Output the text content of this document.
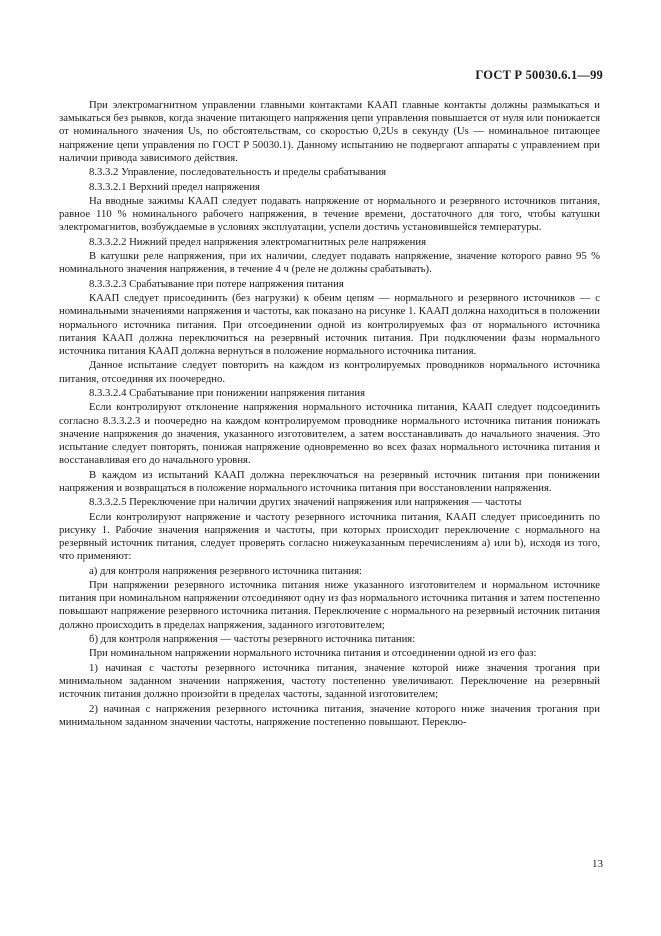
ГОСТ Р 50030.6.1—99

При электромагнитном управлении главными контактами КААП главные контакты должны размыкаться и замыкаться без рывков, когда значение питающего напряжения цепи управления повышается от нуля или понижается от номинального значения Us, по обстоятельствам, со скоростью 0,2Us в секунду (Us — номинальное питающее напряжение цепи управления по ГОСТ Р 50030.1). Данному испытанию не подвергают аппараты с управлением при наличии привода зависимого действия.

8.3.3.2 Управление, последовательность и пределы срабатывания

8.3.3.2.1 Верхний предел напряжения

На вводные зажимы КААП следует подавать напряжение от нормального и резервного источников питания, равное 110 % номинального рабочего напряжения, в течение времени, достаточного для того, чтобы катушки электромагнитов, возбуждаемые в условиях эксплуатации, успели достичь установившейся температуры.

8.3.3.2.2 Нижний предел напряжения электромагнитных реле напряжения

В катушки реле напряжения, при их наличии, следует подавать напряжение, значение которого равно 95 % номинального значения напряжения, в течение 4 ч (реле не должны срабатывать).

8.3.3.2.3 Срабатывание при потере напряжения питания

КААП следует присоединить (без нагрузки) к обеим цепям — нормального и резервного источников — с номинальными значениями напряжения и частоты, как показано на рисунке 1. КААП должна находиться в положении нормального источника питания. При отсоединении одной из контролируемых фаз от нормального источника питания КААП должна переключиться на резервный источник питания. При подключении фазы нормального источника питания КААП должна вернуться в положение нормального источника питания.

Данное испытание следует повторить на каждом из контролируемых проводников нормального источника питания, отсоединяя их поочередно.

8.3.3.2.4 Срабатывание при понижении напряжения питания

Если контролируют отклонение напряжения нормального источника питания, КААП следует подсоединить согласно 8.3.3.2.3 и поочередно на каждом контролируемом проводнике нормального источника питания понижать значение напряжения до значения, указанного изготовителем, а затем восстанавливать до начального значения. Это испытание следует повторять, понижая напряжение одновременно во всех фазах нормального источника питания и восстанавливая его до начального уровня.

В каждом из испытаний КААП должна переключаться на резервный источник питания при понижении напряжения и возвращаться в положение нормального источника питания при восстановлении напряжения.

8.3.3.2.5 Переключение при наличии других значений напряжения или напряжения — частоты

Если контролируют напряжение и частоту резервного источника питания, КААП следует присоединить по рисунку 1. Рабочие значения напряжения и частоты, при которых происходит переключение с нормального на резервный источник питания, следует проверять согласно нижеуказанным перечислениям а) или b), исходя из того, что применяют:

а) для контроля напряжения резервного источника питания:

При напряжении резервного источника питания ниже указанного изготовителем и нормальном источнике питания при номинальном напряжении отсоединяют одну из фаз нормального источника питания и затем постепенно повышают напряжение резервного источника питания. Переключение с нормального на резервный источник питания должно происходить в пределах напряжения, заданного изготовителем;

б) для контроля напряжения — частоты резервного источника питания:

При номинальном напряжении нормального источника питания и отсоединении одной из его фаз:

1) начиная с частоты резервного источника питания, значение которой ниже значения трогания при минимальном заданном значении напряжения, частоту постепенно увеличивают. Переключение на резервный источник питания должно произойти в пределах частоты, заданной изготовителем;

2) начиная с напряжения резервного источника питания, значение которого ниже значения трогания при минимальном заданном значении частоты, напряжение постепенно повышают. Переклю-

13
